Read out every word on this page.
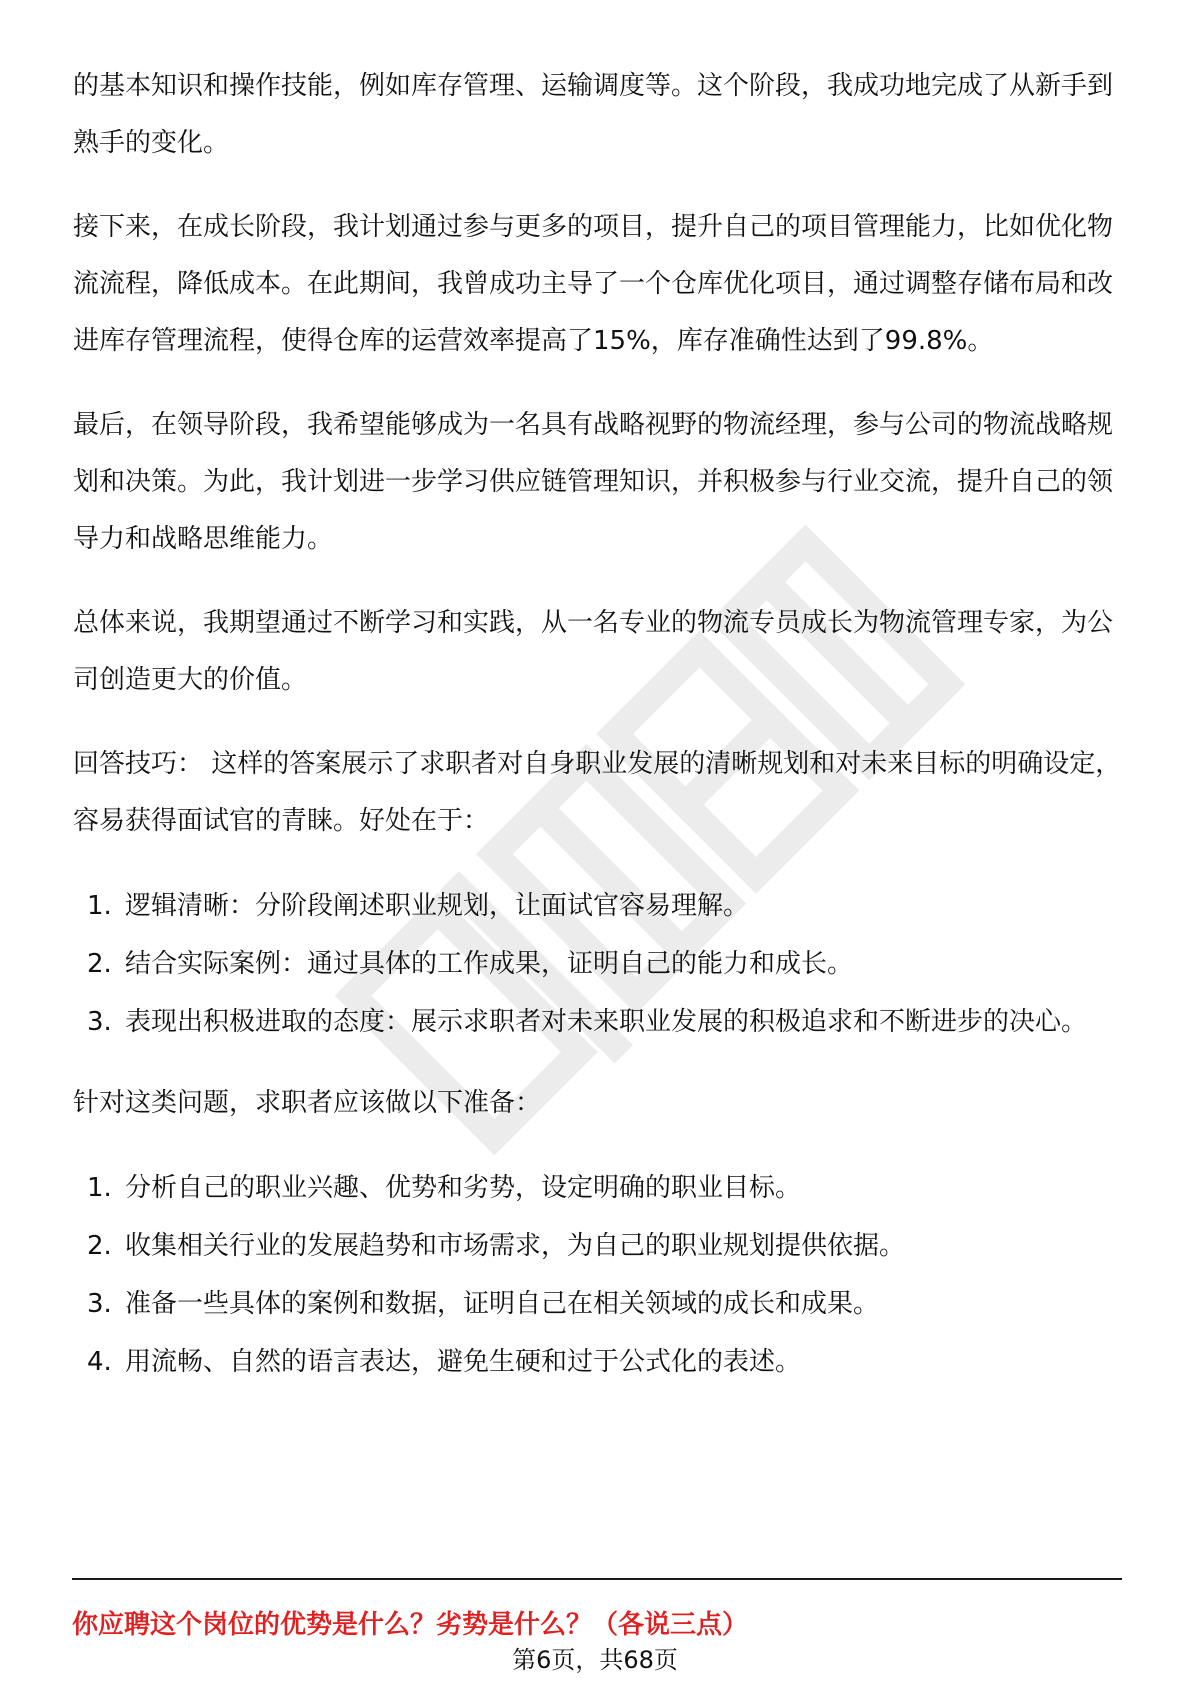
的基本知识和操作技能，例如库存管理、运输调度等。这个阶段，我成功地完成了从新手到熟手的变化。

接下来，在成长阶段，我计划通过参与更多的项目，提升自己的项目管理能力，比如优化物流流程，降低成本。在此期间，我曾成功主导了一个仓库优化项目，通过调整存储布局和改进库存管理流程，使得仓库的运营效率提高了15%，库存准确性达到了99.8%。

最后，在领导阶段，我希望能够成为一名具有战略视野的物流经理，参与公司的物流战略规划和决策。为此，我计划进一步学习供应链管理知识，并积极参与行业交流，提升自己的领导力和战略思维能力。

总体来说，我期望通过不断学习和实践，从一名专业的物流专员成长为物流管理专家，为公司创造更大的价值。

回答技巧： 这样的答案展示了求职者对自身职业发展的清晰规划和对未来目标的明确设定，容易获得面试官的青睐。好处在于：

1. 逻辑清晰：分阶段阐述职业规划，让面试官容易理解。
2. 结合实际案例：通过具体的工作成果，证明自己的能力和成长。
3. 表现出积极进取的态度：展示求职者对未来职业发展的积极追求和不断进步的决心。

针对这类问题，求职者应该做以下准备：

1. 分析自己的职业兴趣、优势和劣势，设定明确的职业目标。
2. 收集相关行业的发展趋势和市场需求，为自己的职业规划提供依据。
3. 准备一些具体的案例和数据，证明自己在相关领域的成长和成果。
4. 用流畅、自然的语言表达，避免生硬和过于公式化的表述。
你应聘这个岗位的优势是什么？劣势是什么？（各说三点）
第6页，共68页
